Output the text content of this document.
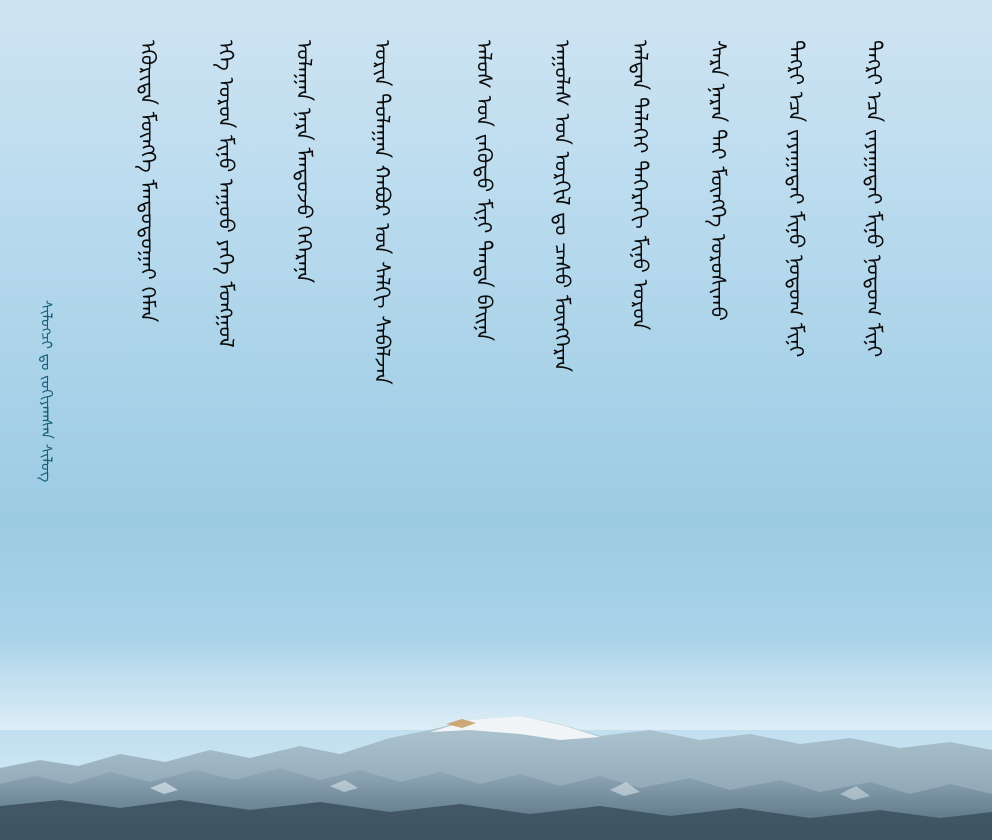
ᠲᠡᠭᠷᠢ ᠡᠴᠡ ᠵᠠᠶᠠᠭᠠᠲᠠᠢ ᠮᠢᠨᠦ ᠨᠤᠲᠤᠭ ᠮᠢᠨᠢ
ᠲᠡᠭᠷᠢ ᠡᠴᠡ ᠵᠠᠶᠠᠭᠠᠲᠠᠢ ᠮᠢᠨᠦ ᠨᠤᠲᠤᠭ ᠮᠢᠨᠢ
ᠰᠠᠷᠠ ᠨᠠᠷᠠᠨ ᠲᠡᠶ ᠮᠦᠩᠬᠡ ᠣᠷᠤᠰᠢᠬᠤ
ᠠᠯᠲᠠᠨ ᠳᠡᠯᠡᠬᠡᠢ ᠳᠡᠭᠡᠷᠡᠬᠢ ᠮᠢᠨᠦ ᠣᠷᠤᠨ
ᠠᠭᠤᠯᠠᠰ ᠤᠨ ᠤᠷᠭᠢᠯ ᠳᠤ ᠴᠠᠰᠤ ᠮᠦᠩᠬᠡᠷᠡᠨ
ᠠᠯᠤᠰ ᠤᠨ ᠵᠡᠭᠦᠳᠦ ᠮᠢᠨᠢ ᠲᠡᠨᠳᠡ ᠪᠠᠢᠨᠠ
ᠤᠷᠢᠨ ᠳᠤᠯᠠᠭᠠᠨ ᠬᠠᠪᠤᠷ ᠤᠨ ᠰᠠᠯᠬᠢ ᠰᠡᠪᠡᠯᠵᠡᠨ
ᠤᠯᠠᠭᠠᠨ ᠨᠠᠷᠠ ᠮᠠᠨᠳᠤᠵᠤ ᠭᠡᠭᠡᠷᠡᠨᠡ
ᠡᠬᠡ ᠣᠷᠤᠨ ᠮᠢᠨᠦ ᠠᠭᠤᠤ ᠶᠡᠬᠡ ᠮᠣᠩᠭᠣᠯ
ᠡᠭᠦᠷᠢᠳᠡ ᠮᠦᠩᠬᠡ ᠮᠠᠨᠳᠤᠲᠤᠭᠠᠢ ᠬᠡᠮᠡᠨ
ᠰᠢᠯᠦᠭᠴᠢ ᠳᠤ ᠵᠣᠬᠢᠶᠠᠭᠰᠠᠨ ᠰᠢᠯᠦᠭ
